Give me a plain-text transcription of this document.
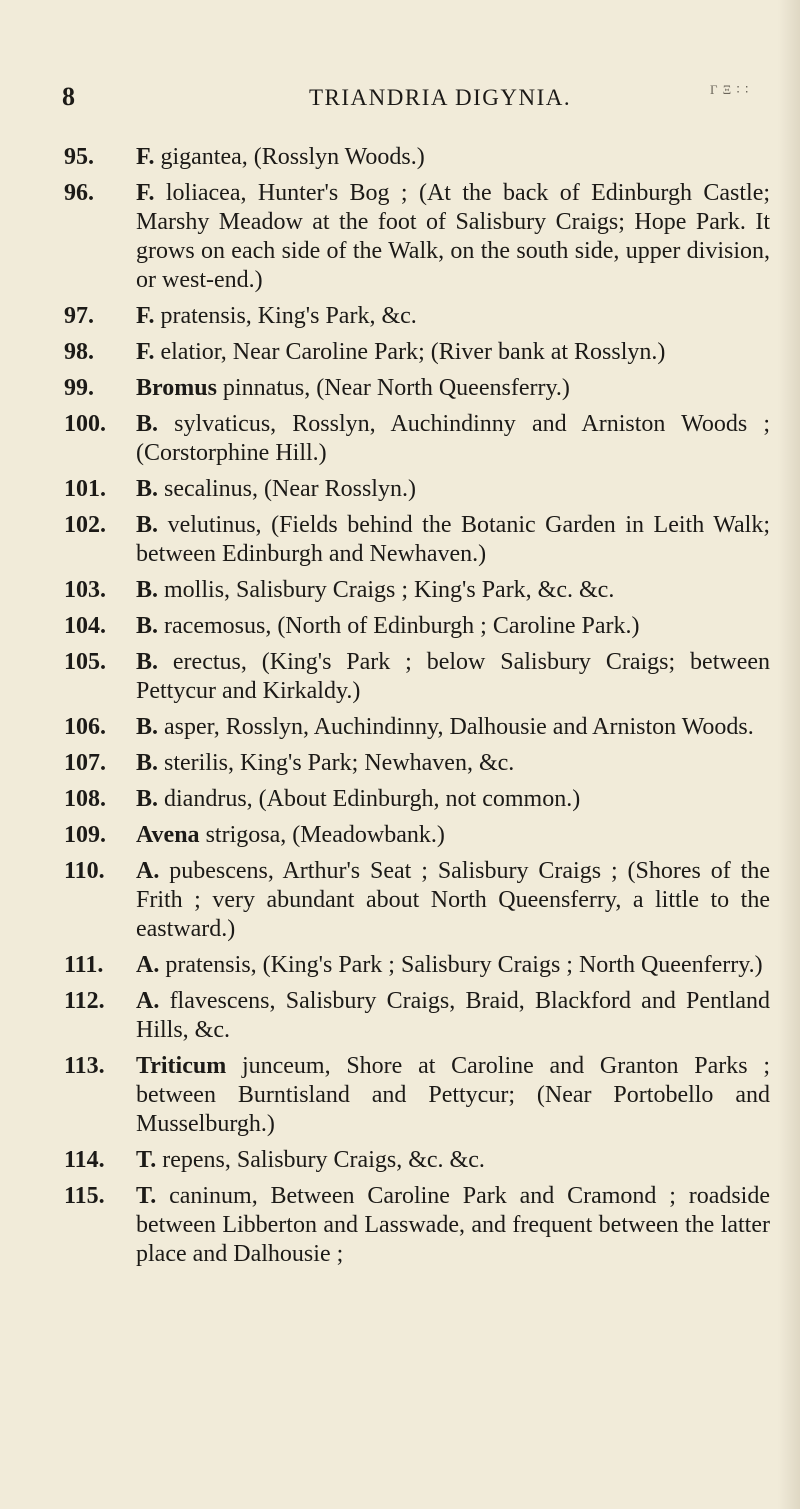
8	TRIANDRIA DIGYNIA.	Γ Ξ ∶ ∶
95. F. gigantea, (Rosslyn Woods.)
96. F. loliacea, Hunter's Bog ; (At the back of Edinburgh Castle; Marshy Meadow at the foot of Salisbury Craigs; Hope Park. It grows on each side of the Walk, on the south side, upper division, or west-end.)
97. F. pratensis, King's Park, &c.
98. F. elatior, Near Caroline Park; (River bank at Rosslyn.)
99. Bromus pinnatus, (Near North Queensferry.)
100. B. sylvaticus, Rosslyn, Auchindinny and Arniston Woods ; (Corstorphine Hill.)
101. B. secalinus, (Near Rosslyn.)
102. B. velutinus, (Fields behind the Botanic Garden in Leith Walk; between Edinburgh and Newhaven.)
103. B. mollis, Salisbury Craigs ; King's Park, &c. &c.
104. B. racemosus, (North of Edinburgh ; Caroline Park.)
105. B. erectus, (King's Park ; below Salisbury Craigs; between Pettycur and Kirkaldy.)
106. B. asper, Rosslyn, Auchindinny, Dalhousie and Arniston Woods.
107. B. sterilis, King's Park; Newhaven, &c.
108. B. diandrus, (About Edinburgh, not common.)
109. Avena strigosa, (Meadowbank.)
110. A. pubescens, Arthur's Seat ; Salisbury Craigs ; (Shores of the Frith ; very abundant about North Queensferry, a little to the eastward.)
111. A. pratensis, (King's Park ; Salisbury Craigs ; North Queenferry.)
112. A. flavescens, Salisbury Craigs, Braid, Blackford and Pentland Hills, &c.
113. Triticum junceum, Shore at Caroline and Granton Parks ; between Burntisland and Pettycur; (Near Portobello and Musselburgh.)
114. T. repens, Salisbury Craigs, &c. &c.
115. T. caninum, Between Caroline Park and Cramond ; roadside between Libberton and Lasswade, and frequent between the latter place and Dalhousie ;
